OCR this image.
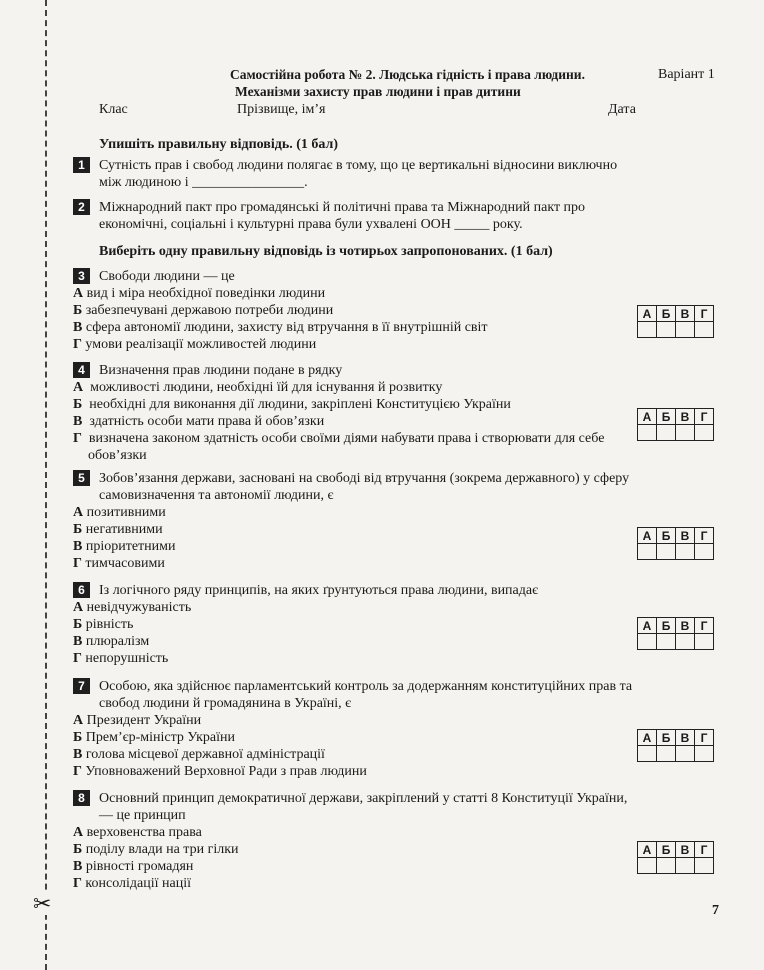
✂
Самостійна робота № 2. Людська гідність і права людини.	Варіант 1
Механізми захисту прав людини і прав дитини
Клас	Прізвище, ім’я	Дата
Упишіть правильну відповідь. (1 бал)
1	Сутність прав і свобод людини полягає в тому, що це вертикальні відносини виключно між людиною і ________________.
2	Міжнародний пакт про громадянські й політичні права та Міжнародний пакт про економічні, соціальні і культурні права були ухвалені ООН _____ року.
Виберіть одну правильну відповідь із чотирьох запропонованих. (1 бал)
3	Свободи людини — це
А вид і міра необхідної поведінки людини
Б забезпечувані державою потреби людини
В сфера автономії людини, захисту від втручання в її внутрішній світ
Г умови реалізації можливостей людини
А	Б	В	Г

4	Визначення прав людини подане в рядку
А можливості людини, необхідні їй для існування й розвитку
Б необхідні для виконання дії людини, закріплені Конституцією України
В здатність особи мати права й обов’язки
Г визначена законом здатність особи своїми діями набувати права і створювати для себе обов’язки
А	Б	В	Г

5	Зобов’язання держави, засновані на свободі від втручання (зокрема державного) у сферу самовизначення та автономії людини, є
А позитивними
Б негативними
В пріоритетними
Г тимчасовими
А	Б	В	Г

6	Із логічного ряду принципів, на яких ґрунтуються права людини, випадає
А невідчужуваність
Б рівність
В плюралізм
Г непорушність
А	Б	В	Г

7	Особою, яка здійснює парламентський контроль за додержанням конституційних прав та свобод людини й громадянина в Україні, є
А Президент України
Б Прем’єр-міністр України
В голова місцевої державної адміністрації
Г Уповноважений Верховної Ради з прав людини
А	Б	В	Г

8	Основний принцип демократичної держави, закріплений у статті 8 Конституції України, — це принцип
А верховенства права
Б поділу влади на три гілки
В рівності громадян
Г консолідації нації
А	Б	В	Г

7
